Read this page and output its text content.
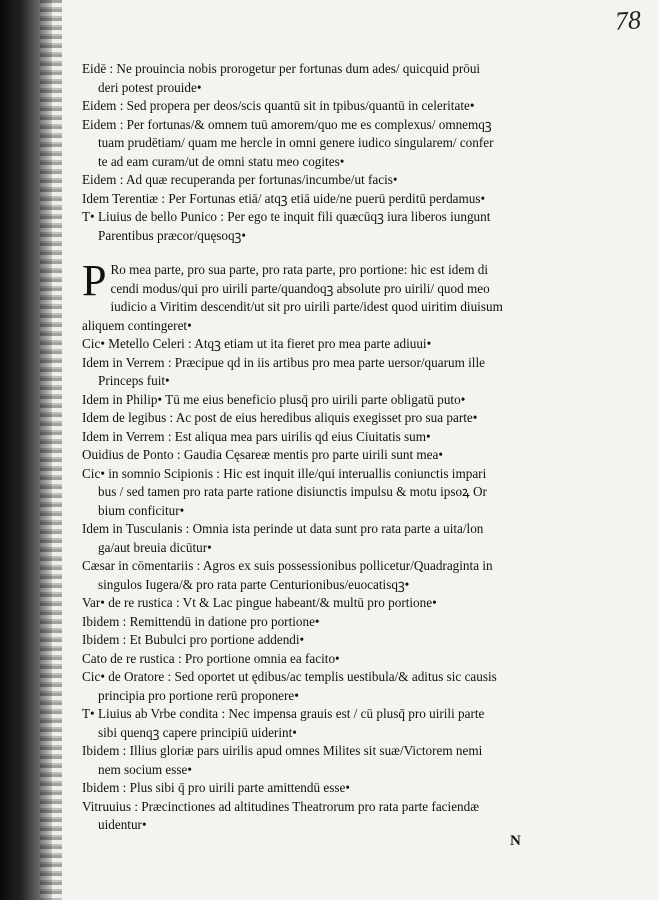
78
Eidē : Ne prouincia nobis prorogetur per fortunas dum ades/ quicquid prōui
deri potest prouide•
Eidem : Sed propera per deos/scis quantū sit in tpibus/quantū in celeritate•
Eidem : Per fortunas/& omnem tuū amorem/quo me es complexus/ omnemqꝫ
tuam prudētiam/ quam me hercle in omni genere iudico singularem/ confer
te ad eam curam/ut de omni statu meo cogites•
Eidem : Ad quæ recuperanda per fortunas/incumbe/ut facis•
Idem Terentiæ : Per Fortunas etiā/ atqꝫ etiā uide/ne puerū perditū perdamus•
T• Liuius de bello Punico : Per ego te inquit fili quæcūqꝫ iura liberos iungunt
Parentibus præcor/quęsoqꝫ•
P Ro mea parte, pro sua parte, pro rata parte, pro portione: hic est idem di
cendi modus/qui pro uirili parte/quandoqꝫ absolute pro uirili/ quod meo
iudicio a Viritim descendit/ut sit pro uirili parte/idest quod uiritim diuisum
aliquem contingeret•
Cic• Metello Celeri : Atqꝫ etiam ut ita fieret pro mea parte adiuui•
Idem in Verrem : Præcipue qd in iis artibus pro mea parte uersor/quarum ille
Princeps fuit•
Idem in Philip• Tū me eius beneficio plusq̄ pro uirili parte obligatū puto•
Idem de legibus : Ac post de eius heredibus aliquis exegisset pro sua parte•
Idem in Verrem : Est aliqua mea pars uirilis qd eius Ciuitatis sum•
Ouidius de Ponto : Gaudia Cęsareæ mentis pro parte uirili sunt mea•
Cic• in somnio Scipionis : Hic est inquit ille/qui interuallis coniunctis impari
bus / sed tamen pro rata parte ratione disiunctis impulsu & motu ipsoꝝ Or
bium conficitur•
Idem in Tusculanis : Omnia ista perinde ut data sunt pro rata parte a uita/lon
ga/aut breuia dicūtur•
Cæsar in cōmentariis : Agros ex suis possessionibus pollicetur/Quadraginta in
singulos Iugera/& pro rata parte Centurionibus/euocatisqꝫ•
Var• de re rustica : Vt & Lac pingue habeant/& multū pro portione•
Ibidem : Remittendū in datione pro portione•
Ibidem : Et Bubulci pro portione addendi•
Cato de re rustica : Pro portione omnia ea facito•
Cic• de Oratore : Sed oportet ut ędibus/ac templis uestibula/& aditus sic causis
principia pro portione rerū proponere•
T• Liuius ab Vrbe condita : Nec impensa grauis est / cū plusq̄ pro uirili parte
sibi quenqꝫ capere principiū uiderint•
Ibidem : Illius gloriæ pars uirilis apud omnes Milites sit suæ/Victorem nemi
nem socium esse•
Ibidem : Plus sibi q̄ pro uirili parte amittendū esse•
Vitruuius : Præcinctiones ad altitudines Theatrorum pro rata parte faciendæ
uidentur•
N
